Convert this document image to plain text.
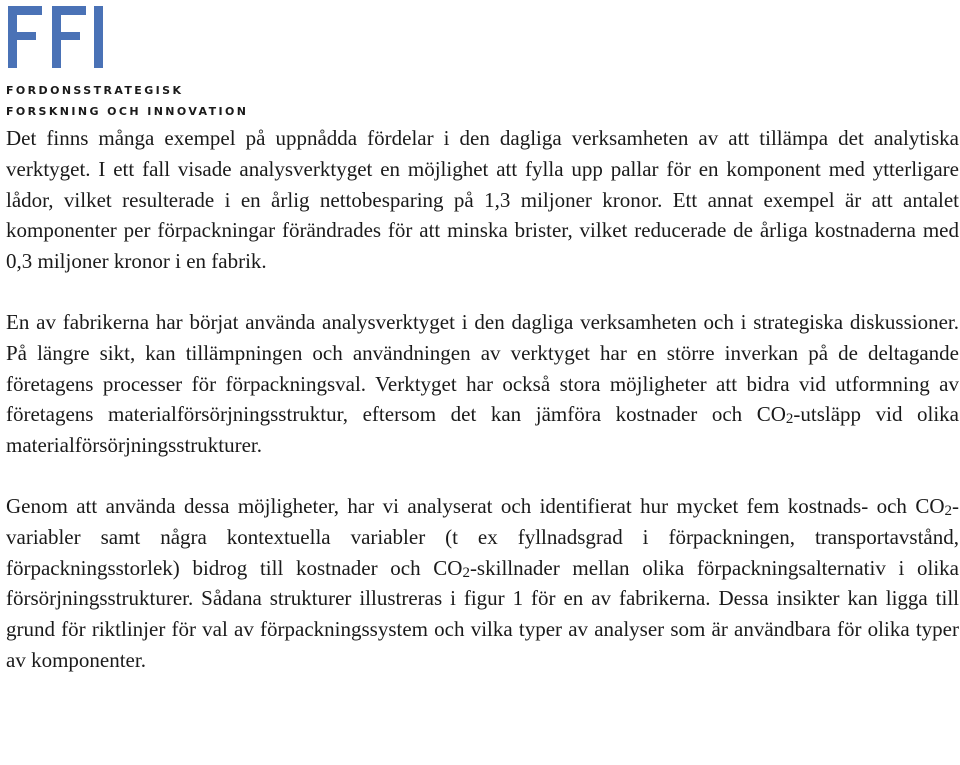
FORDONSSTRATEGISK
FORSKNING OCH INNOVATION

Det finns många exempel på uppnådda fördelar i den dagliga verksamheten av att tillämpa det analytiska verktyget. I ett fall visade analysverktyget en möjlighet att fylla upp pallar för en komponent med ytterligare lådor, vilket resulterade i en årlig nettobesparing på 1,3 miljoner kronor. Ett annat exempel är att antalet komponenter per förpackningar förändrades för att minska brister, vilket reducerade de årliga kostnaderna med 0,3 miljoner kronor i en fabrik.

En av fabrikerna har börjat använda analysverktyget i den dagliga verksamheten och i strategiska diskussioner. På längre sikt, kan tillämpningen och användningen av verktyget har en större inverkan på de deltagande företagens processer för förpackningsval. Verktyget har också stora möjligheter att bidra vid utformning av företagens materialförsörjningsstruktur, eftersom det kan jämföra kostnader och $CO_2$-utsläpp vid olika materialförsörjningsstrukturer.

Genom att använda dessa möjligheter, har vi analyserat och identifierat hur mycket fem kostnads- och $CO_2$-variabler samt några kontextuella variabler (t ex fyllnadsgrad i förpackningen, transportavstånd, förpackningsstorlek) bidrog till kostnader och $CO_2$-skillnader mellan olika förpackningsalternativ i olika försörjningsstrukturer. Sådana strukturer illustreras i figur 1 för en av fabrikerna. Dessa insikter kan ligga till grund för riktlinjer för val av förpackningssystem och vilka typer av analyser som är användbara för olika typer av komponenter.
